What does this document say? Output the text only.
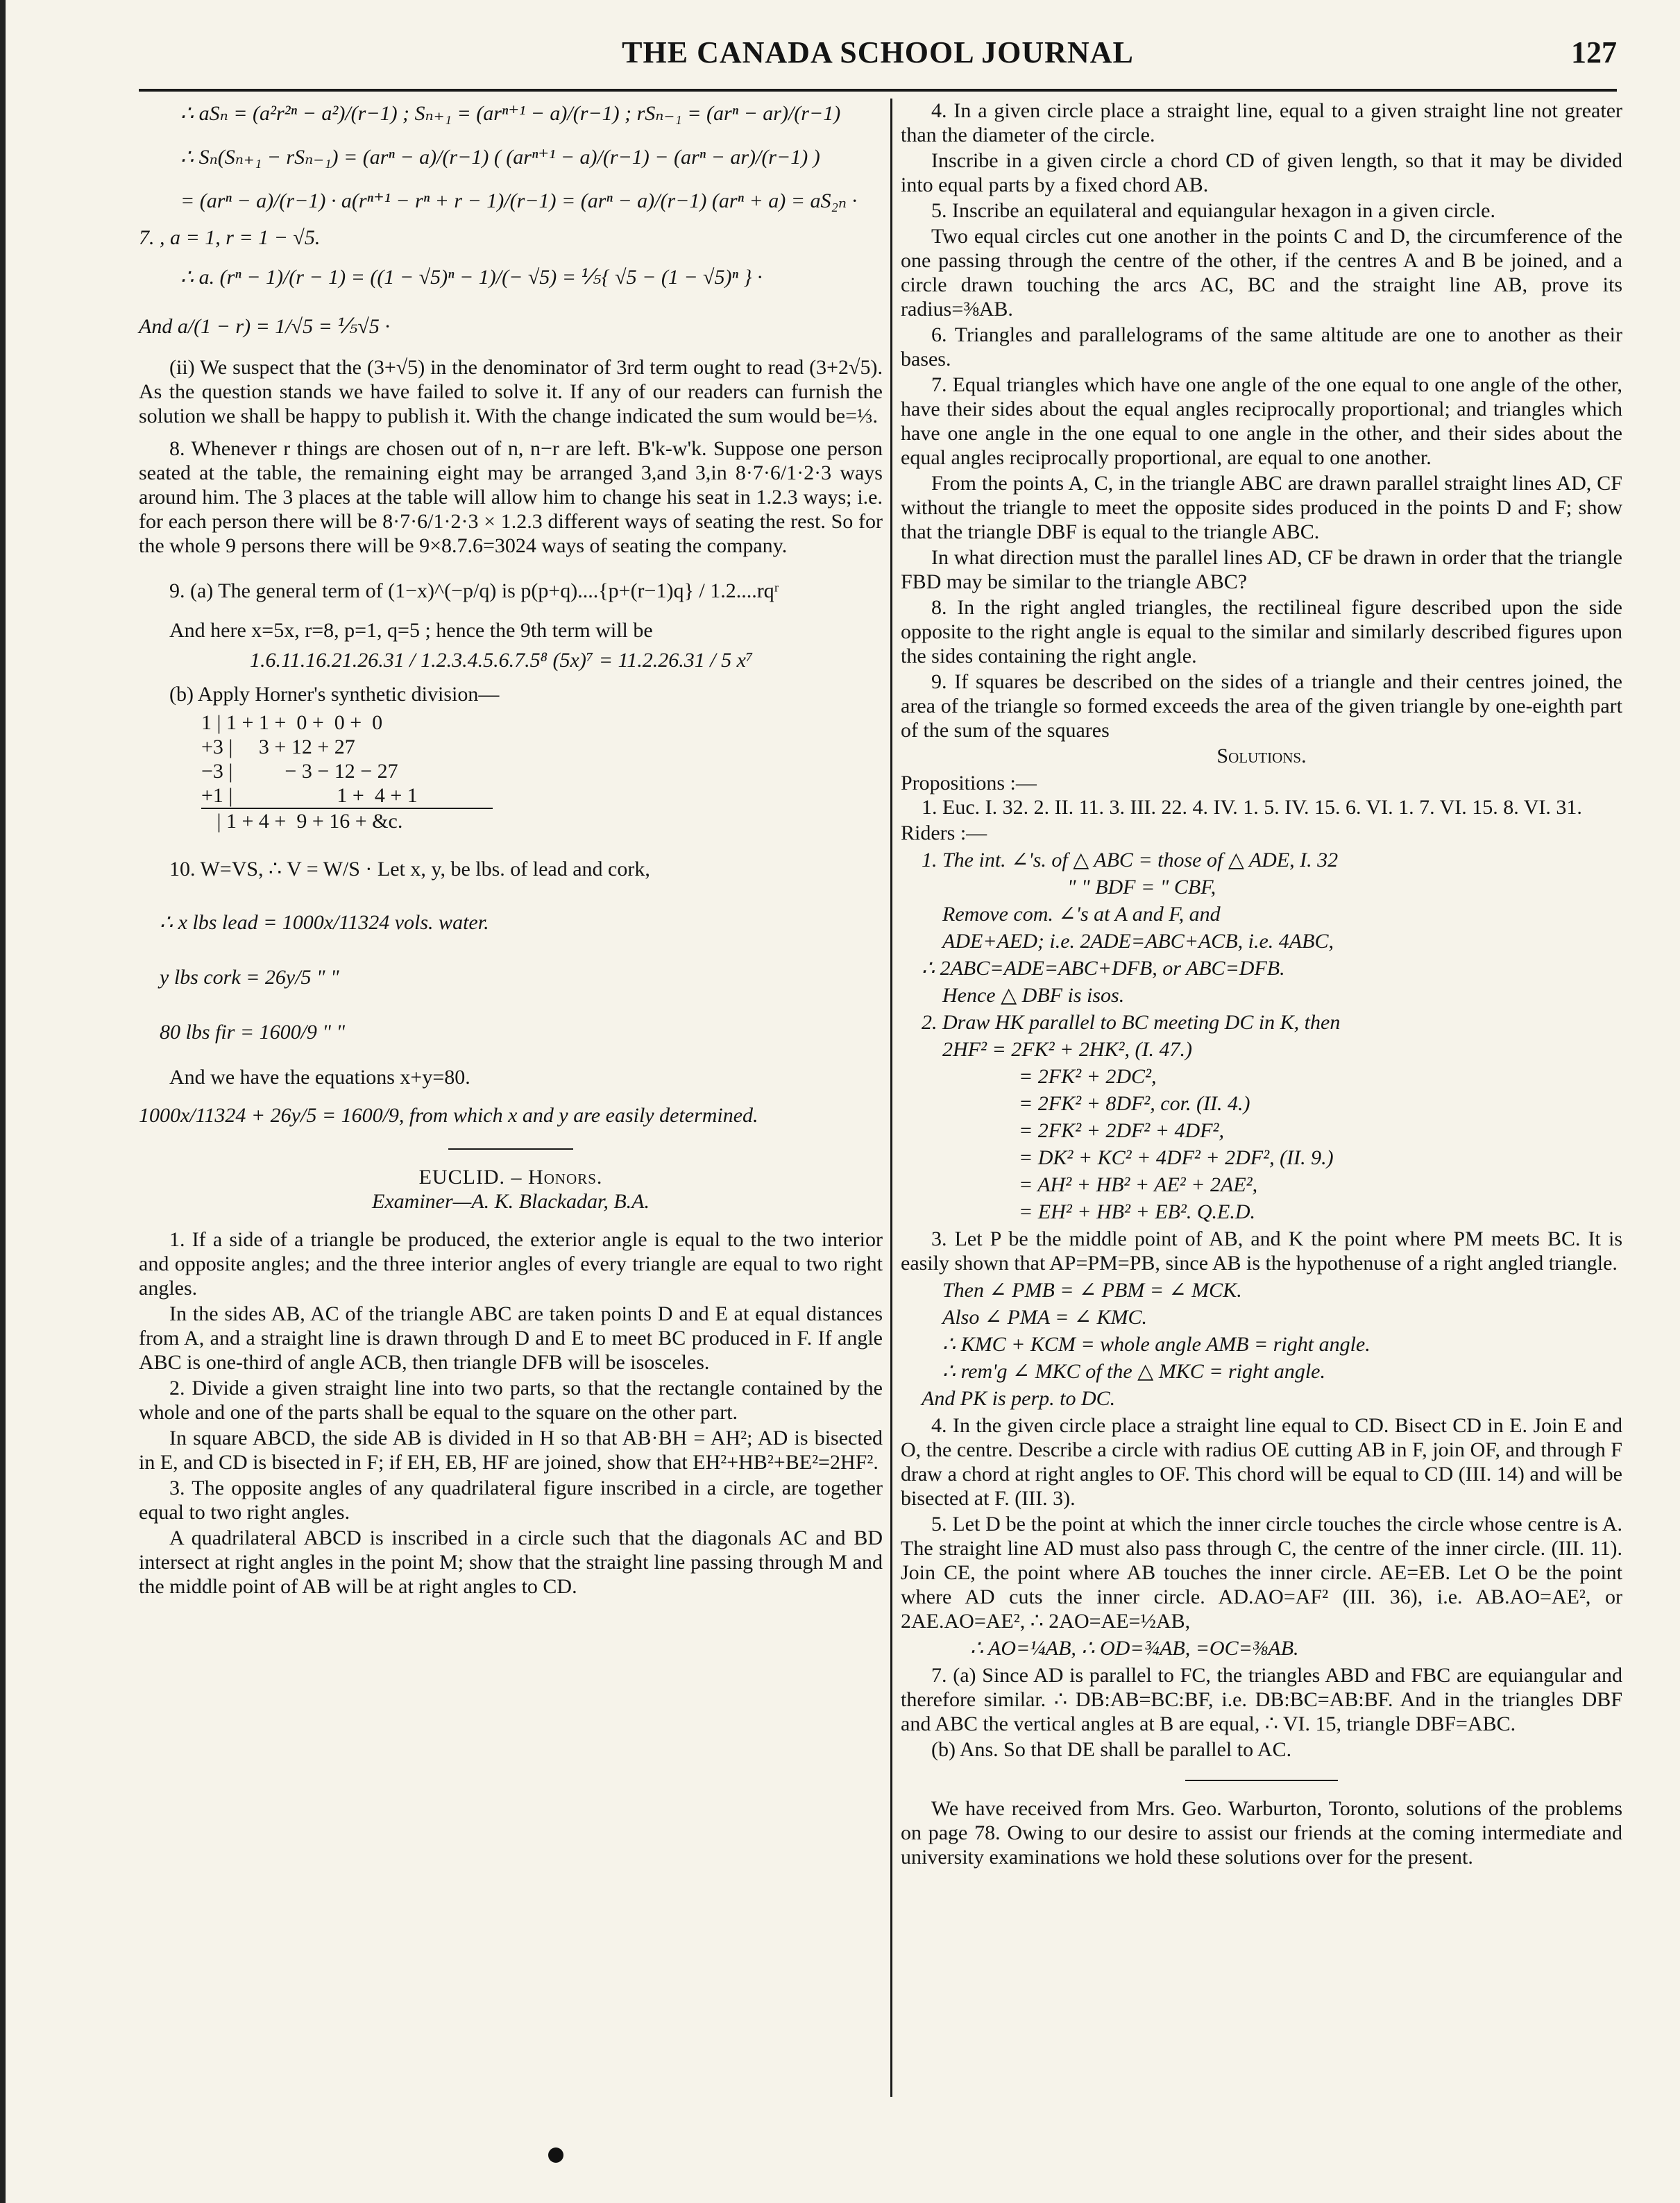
THE CANADA SCHOOL JOURNAL	127
∴ aSₙ = (a²r²ⁿ − a²)/(r−1) ; Sₙ₊₁ = (arⁿ⁺¹ − a)/(r−1) ; rSₙ₋₁ = (arⁿ − ar)/(r−1)
∴ Sₙ(Sₙ₊₁ − rSₙ₋₁) = (arⁿ − a)/(r−1) ( (arⁿ⁺¹ − a)/(r−1) − (arⁿ − ar)/(r−1) )
= (arⁿ − a)/(r−1) · a(rⁿ⁺¹ − rⁿ + r − 1)/(r−1) = (arⁿ − a)/(r−1) (arⁿ + a) = aS₂ₙ ·
7. , a = 1, r = 1 − √5.
∴ a. (rⁿ − 1)/(r − 1) = ((1 − √5)ⁿ − 1)/(− √5) = ⅕{ √5 − (1 − √5)ⁿ } ·
And a/(1 − r) = 1/√5 = ⅕√5 ·

(ii) We suspect that the (3+√5) in the denominator of 3rd term ought to read (3+2√5). As the question stands we have failed to solve it. If any of our readers can furnish the solution we shall be happy to publish it. With the change indicated the sum would be=⅓.

8. Whenever r things are chosen out of n, n−r are left. B'k-w'k. Suppose one person seated at the table, the remaining eight may be arranged 3,and 3,in 8·7·6/1·2·3 ways around him. The 3 places at the table will allow him to change his seat in 1.2.3 ways; i.e. for each person there will be 8·7·6/1·2·3 × 1.2.3 different ways of seating the rest. So for the whole 9 persons there will be 9×8.7.6=3024 ways of seating the company.

9. (a) The general term of (1−x)^(−p/q) is p(p+q)....{p+(r−1)q} / 1.2....rqʳ

And here x=5x, r=8, p=1, q=5 ; hence the 9th term will be

1.6.11.16.21.26.31 / 1.2.3.4.5.6.7.5⁸ (5x)⁷ = 11.2.26.31 / 5 x⁷

(b) Apply Horner's synthetic division—

1 | 1 + 1 +  0 +  0 +  0
+3 |     3 + 12 + 27
−3 |          − 3 − 12 − 27
+1 |                    1 +  4 + 1
| 1 + 4 +  9 + 16 + &c.

10. W=VS, ∴ V = W/S · Let x, y, be lbs. of lead and cork,

∴ x lbs lead = 1000x/11324 vols. water.
y lbs cork = 26y/5 " "
80 lbs fir = 1600/9 " "

And we have the equations x+y=80.

1000x/11324 + 26y/5 = 1600/9, from which x and y are easily determined.
EUCLID. – Honors.
Examiner—A. K. Blackadar, B.A.

1. If a side of a triangle be produced, the exterior angle is equal to the two interior and opposite angles; and the three interior angles of every triangle are equal to two right angles.

In the sides AB, AC of the triangle ABC are taken points D and E at equal distances from A, and a straight line is drawn through D and E to meet BC produced in F. If angle ABC is one-third of angle ACB, then triangle DFB will be isosceles.

2. Divide a given straight line into two parts, so that the rectangle contained by the whole and one of the parts shall be equal to the square on the other part.

In square ABCD, the side AB is divided in H so that AB·BH = AH²; AD is bisected in E, and CD is bisected in F; if EH, EB, HF are joined, show that EH²+HB²+BE²=2HF².

3. The opposite angles of any quadrilateral figure inscribed in a circle, are together equal to two right angles.

A quadrilateral ABCD is inscribed in a circle such that the diagonals AC and BD intersect at right angles in the point M; show that the straight line passing through M and the middle point of AB will be at right angles to CD.

4. In a given circle place a straight line, equal to a given straight line not greater than the diameter of the circle.

Inscribe in a given circle a chord CD of given length, so that it may be divided into equal parts by a fixed chord AB.

5. Inscribe an equilateral and equiangular hexagon in a given circle.

Two equal circles cut one another in the points C and D, the circumference of the one passing through the centre of the other, if the centres A and B be joined, and a circle drawn touching the arcs AC, BC and the straight line AB, prove its radius=⅜AB.

6. Triangles and parallelograms of the same altitude are one to another as their bases.

7. Equal triangles which have one angle of the one equal to one angle of the other, have their sides about the equal angles reciprocally proportional; and triangles which have one angle in the one equal to one angle in the other, and their sides about the equal angles reciprocally proportional, are equal to one another.

From the points A, C, in the triangle ABC are drawn parallel straight lines AD, CF without the triangle to meet the opposite sides produced in the points D and F; show that the triangle DBF is equal to the triangle ABC.

In what direction must the parallel lines AD, CF be drawn in order that the triangle FBD may be similar to the triangle ABC?

8. In the right angled triangles, the rectilineal figure described upon the side opposite to the right angle is equal to the similar and similarly described figures upon the sides containing the right angle.

9. If squares be described on the sides of a triangle and their centres joined, the area of the triangle so formed exceeds the area of the given triangle by one-eighth part of the sum of the squares

Solutions.
Propositions :—

1. Euc. I. 32. 2. II. 11. 3. III. 22. 4. IV. 1. 5. IV. 15. 6. VI. 1. 7. VI. 15. 8. VI. 31.

Riders :—
1. The int. ∠'s. of △ ABC = those of △ ADE, I. 32
" " BDF = " CBF,
Remove com. ∠'s at A and F, and
ADE+AED; i.e. 2ADE=ABC+ACB, i.e. 4ABC,
∴ 2ABC=ADE=ABC+DFB, or ABC=DFB.
Hence △ DBF is isos.
2. Draw HK parallel to BC meeting DC in K, then
2HF² = 2FK² + 2HK², (I. 47.)
= 2FK² + 2DC²,
= 2FK² + 8DF², cor. (II. 4.)
= 2FK² + 2DF² + 4DF²,
= DK² + KC² + 4DF² + 2DF², (II. 9.)
= AH² + HB² + AE² + 2AE²,
= EH² + HB² + EB². Q.E.D.

3. Let P be the middle point of AB, and K the point where PM meets BC. It is easily shown that AP=PM=PB, since AB is the hypothenuse of a right angled triangle.

Then ∠ PMB = ∠ PBM = ∠ MCK.
Also ∠ PMA = ∠ KMC.
∴ KMC + KCM = whole angle AMB = right angle.
∴ rem'g ∠ MKC of the △ MKC = right angle.
And PK is perp. to DC.

4. In the given circle place a straight line equal to CD. Bisect CD in E. Join E and O, the centre. Describe a circle with radius OE cutting AB in F, join OF, and through F draw a chord at right angles to OF. This chord will be equal to CD (III. 14) and will be bisected at F. (III. 3).

5. Let D be the point at which the inner circle touches the circle whose centre is A. The straight line AD must also pass through C, the centre of the inner circle. (III. 11). Join CE, the point where AB touches the inner circle. AE=EB. Let O be the point where AD cuts the inner circle. AD.AO=AF² (III. 36), i.e. AB.AO=AE², or 2AE.AO=AE², ∴ 2AO=AE=½AB,

∴ AO=¼AB, ∴ OD=¾AB, =OC=⅜AB.

7. (a) Since AD is parallel to FC, the triangles ABD and FBC are equiangular and therefore similar. ∴ DB:AB=BC:BF, i.e. DB:BC=AB:BF. And in the triangles DBF and ABC the vertical angles at B are equal, ∴ VI. 15, triangle DBF=ABC.

(b) Ans. So that DE shall be parallel to AC.

We have received from Mrs. Geo. Warburton, Toronto, solutions of the problems on page 78. Owing to our desire to assist our friends at the coming intermediate and university examinations we hold these solutions over for the present.
